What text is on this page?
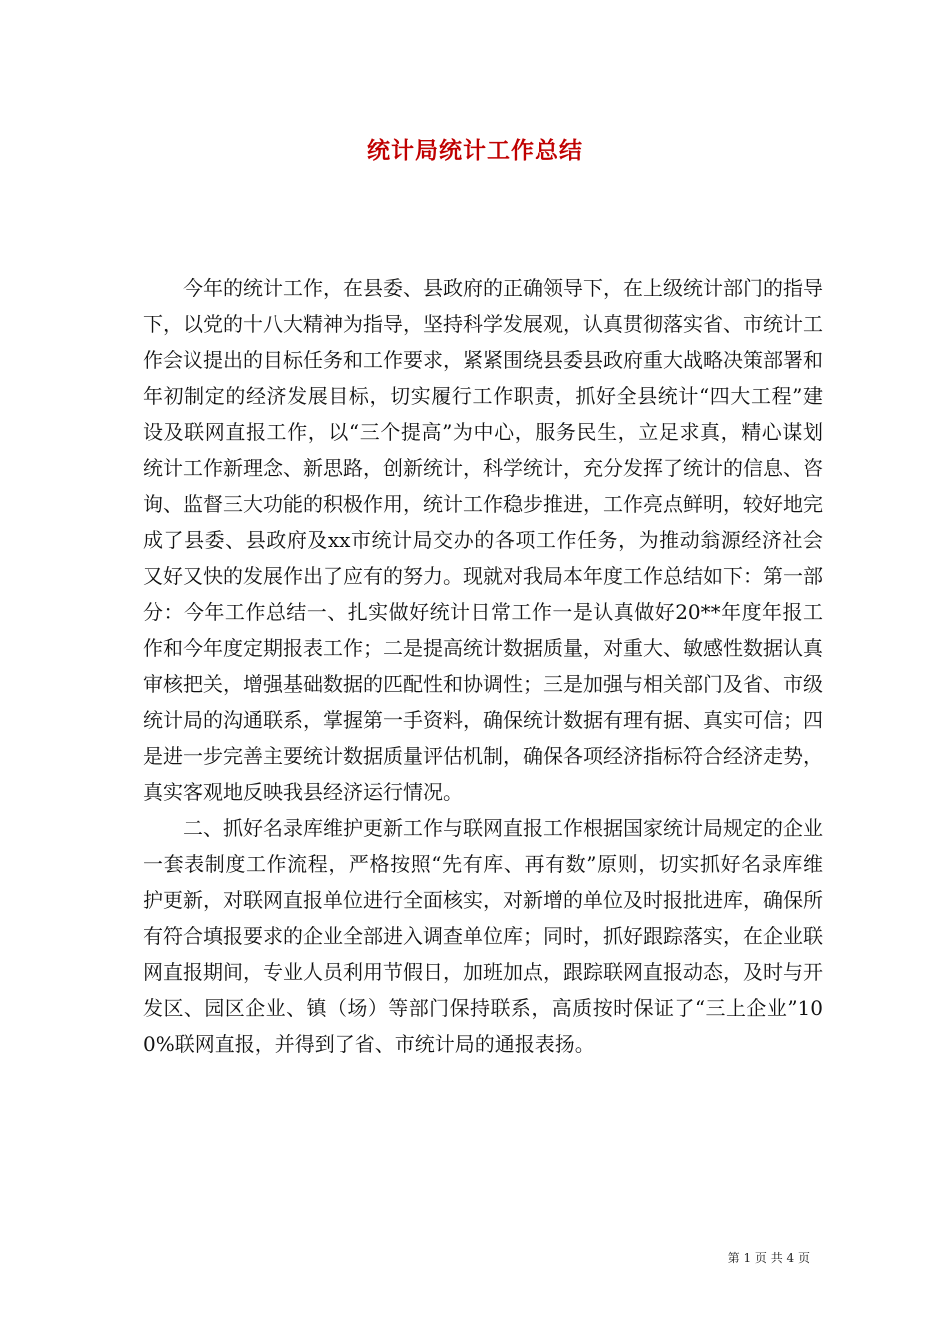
统计局统计工作总结

今年的统计工作，在县委、县政府的正确领导下，在上级统计部门的指导下，以党的十八大精神为指导，坚持科学发展观，认真贯彻落实省、市统计工作会议提出的目标任务和工作要求，紧紧围绕县委县政府重大战略决策部署和年初制定的经济发展目标，切实履行工作职责，抓好全县统计“四大工程”建设及联网直报工作，以“三个提高”为中心，服务民生，立足求真，精心谋划统计工作新理念、新思路，创新统计，科学统计，充分发挥了统计的信息、咨询、监督三大功能的积极作用，统计工作稳步推进，工作亮点鲜明，较好地完成了县委、县政府及xx市统计局交办的各项工作任务，为推动翁源经济社会又好又快的发展作出了应有的努力。现就对我局本年度工作总结如下：第一部分：今年工作总结一、扎实做好统计日常工作一是认真做好20**年度年报工作和今年度定期报表工作；二是提高统计数据质量，对重大、敏感性数据认真审核把关，增强基础数据的匹配性和协调性；三是加强与相关部门及省、市级统计局的沟通联系，掌握第一手资料，确保统计数据有理有据、真实可信；四是进一步完善主要统计数据质量评估机制，确保各项经济指标符合经济走势，真实客观地反映我县经济运行情况。

二、抓好名录库维护更新工作与联网直报工作根据国家统计局规定的企业一套表制度工作流程，严格按照“先有库、再有数”原则，切实抓好名录库维护更新，对联网直报单位进行全面核实，对新增的单位及时报批进库，确保所有符合填报要求的企业全部进入调查单位库；同时，抓好跟踪落实，在企业联网直报期间，专业人员利用节假日，加班加点，跟踪联网直报动态，及时与开发区、园区企业、镇（场）等部门保持联系，高质按时保证了“三上企业”100%联网直报，并得到了省、市统计局的通报表扬。

第 1 页 共 4 页
